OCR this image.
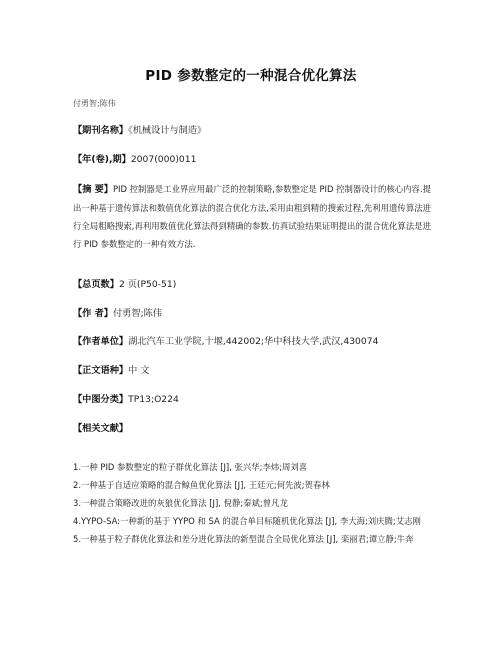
PID 参数整定的一种混合优化算法
付勇智;陈伟
【期刊名称】《机械设计与制造》
【年(卷),期】2007(000)011
【摘 要】PID 控制器是工业界应用最广泛的控制策略,参数整定是 PID 控制器设计的核心内容.提出一种基于遗传算法和数值优化算法的混合优化方法,采用由粗到精的搜索过程,先利用遗传算法进行全局粗略搜索,再利用数值优化算法得到精确的参数.仿真试验结果证明提出的混合优化算法是进行 PID 参数整定的一种有效方法.
【总页数】2 页(P50-51)
【作 者】付勇智;陈伟
【作者单位】湖北汽车工业学院,十堰,442002;华中科技大学,武汉,430074
【正文语种】中 文
【中图分类】TP13;O224
【相关文献】
1.一种 PID 参数整定的粒子群优化算法 [J], 张兴华;李炜;周刘喜
2.一种基于自适应策略的混合鲸鱼优化算法 [J], 王廷元;何先波;贺春林
3.一种混合策略改进的灰狼优化算法 [J], 倪静;秦斌;曾凡龙
4.YYPO-SA:一种新的基于 YYPO 和 SA 的混合单目标随机优化算法 [J], 李大海;刘庆腾;艾志刚
5.一种基于粒子群优化算法和差分进化算法的新型混合全局优化算法 [J], 栾丽君;谭立静;牛奔
